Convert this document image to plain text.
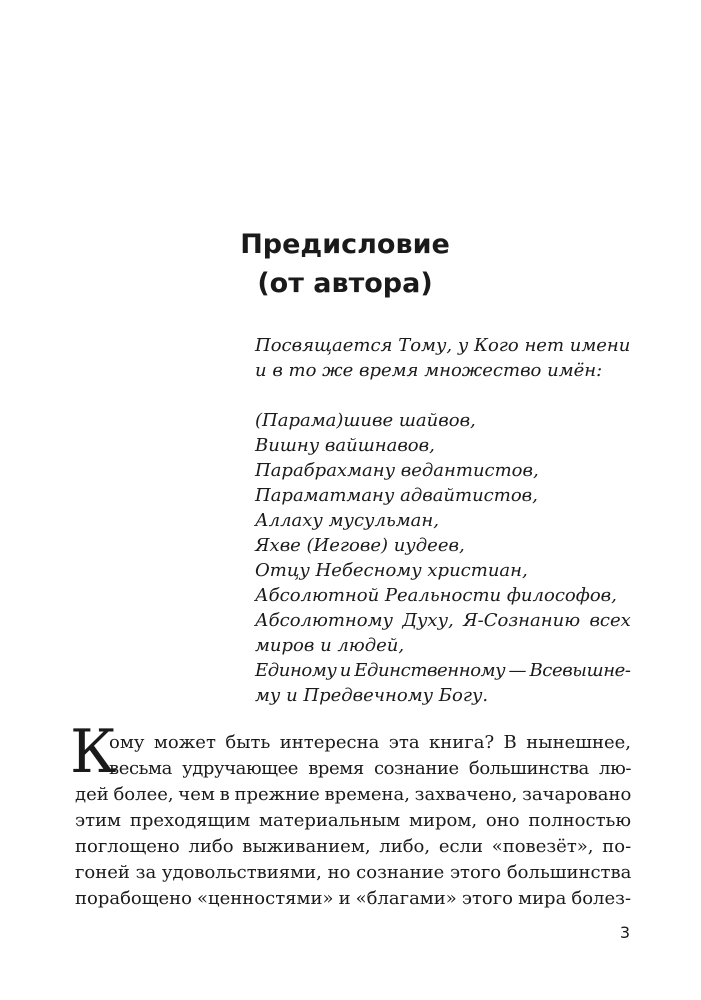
Предисловие
(от автора)
Посвящается Тому, у Кого нет имени
и в то же время множество имён:
(Парама)шиве шайвов,
Вишну вайшнавов,
Парабрахману ведантистов,
Параматману адвайтистов,
Аллаху мусульман,
Яхве (Иегове) иудеев,
Отцу Небесному христиан,
Абсолютной Реальности философов,
Абсолютному Духу, Я-Сознанию всех
миров и людей,
Единому и Единственному — Всевышне-
му и Предвечному Богу.
К
ому может быть интересна эта книга? В нынешнее,
весьма удручающее время сознание большинства лю-
дей более, чем в прежние времена, захвачено, зачаровано
этим преходящим материальным миром, оно полностью
поглощено либо выживанием, либо, если «повезёт», по-
гоней за удовольствиями, но сознание этого большинства
порабощено «ценностями» и «благами» этого мира болез-
3
